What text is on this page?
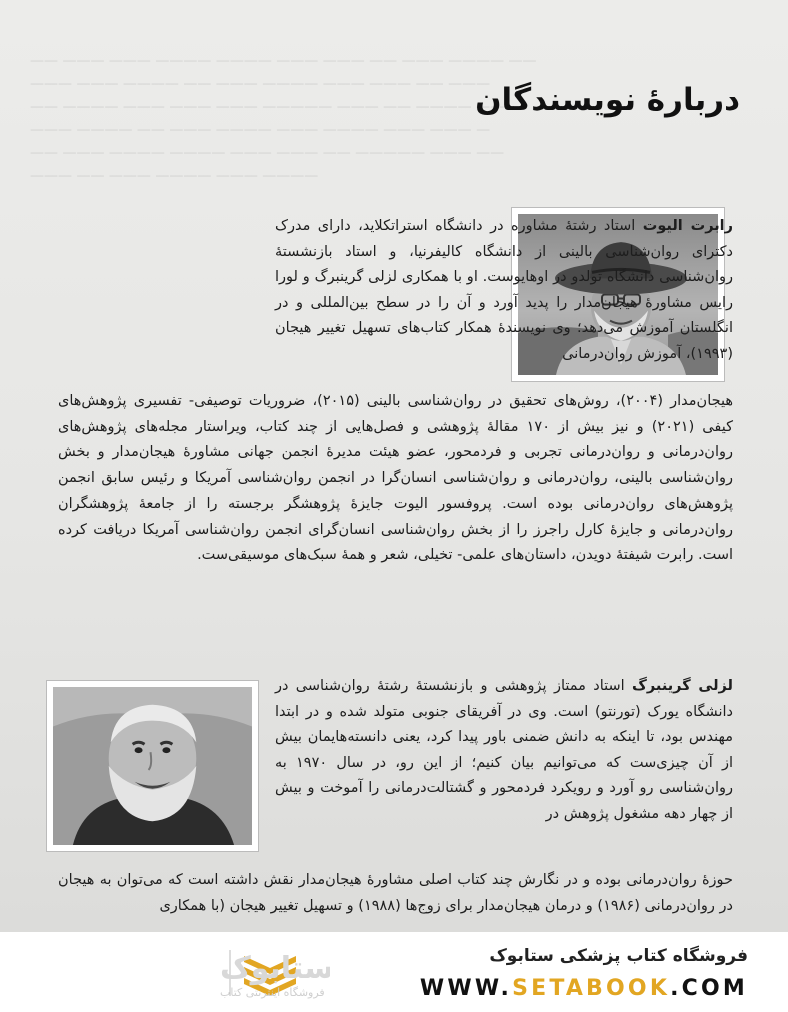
—— ——— ——— ———— ———— ——— ——— —— ——— ———— ——
——— ——— ———— —— ——— ———— ——— ——— —— ———
—— ———— ——— ——— ——— ————— ——— —— ———— ——
——— ———— —— ——— ———— ——— ———— ——— ——— —
—— ——— ———— ———— ——— ——— —— ————— ——— ——
——— —— ——— ———— ——— ————
دربارهٔ نویسندگان

رابرت الیوت استاد رشتهٔ مشاوره در دانشگاه استراتکلاید، دارای مدرک دکترای روان‌شناسی بالینی از دانشگاه کالیفرنیا، و استاد بازنشستهٔ روان‌شناسی دانشگاه تولدو در اوهایوست. او با همکاری لزلی گرینبرگ و لورا رایس مشاورهٔ هیجان‌مدار را پدید آورد و آن را در سطح بین‌المللی و در انگلستان آموزش می‌دهد؛ وی نویسندهٔ همکار کتاب‌های تسهیل تغییر هیجان (۱۹۹۳)، آموزش روان‌درمانی

هیجان‌مدار (۲۰۰۴)، روش‌های تحقیق در روان‌شناسی بالینی (۲۰۱۵)، ضروریات توصیفی- تفسیری پژوهش‌های کیفی (۲۰۲۱) و نیز بیش از ۱۷۰ مقالهٔ پژوهشی و فصل‌هایی از چند کتاب، ویراستار مجله‌های پژوهش‌های روان‌درمانی و روان‌درمانی تجربی و فردمحور، عضو هیئت مدیرهٔ انجمن جهانی مشاورهٔ هیجان‌مدار و بخش روان‌شناسی بالینی، روان‌درمانی و روان‌شناسی انسان‌گرا در انجمن روان‌شناسی آمریکا و رئیس سابق انجمن پژوهش‌های روان‌درمانی بوده است. پروفسور الیوت جایزهٔ پژوهشگر برجسته را از جامعهٔ پژوهشگران روان‌درمانی و جایزهٔ کارل راجرز را از بخش روان‌شناسی انسان‌گرای انجمن روان‌شناسی آمریکا دریافت کرده است. رابرت شیفتهٔ دویدن، داستان‌های علمی- تخیلی، شعر و همهٔ سبک‌های موسیقی‌ست.

لزلی گرینبرگ استاد ممتاز پژوهشی و بازنشستهٔ رشتهٔ روان‌شناسی در دانشگاه یورک (تورنتو) است. وی در آفریقای جنوبی متولد شده و در ابتدا مهندس بود، تا اینکه به دانش ضمنی باور پیدا کرد، یعنی دانسته‌هایمان بیش از آن چیزی‌ست که می‌توانیم بیان کنیم؛ از این رو، در سال ۱۹۷۰ به روان‌شناسی رو آورد و رویکرد فردمحور و گشتالت‌درمانی را آموخت و بیش از چهار دهه مشغول پژوهش در

حوزهٔ روان‌درمانی بوده و در نگارش چند کتاب اصلی مشاورهٔ هیجان‌مدار نقش داشته است که می‌توان به هیجان در روان‌درمانی (۱۹۸۶) و درمان هیجان‌مدار برای زوج‌ها (۱۹۸۸) و تسهیل تغییر هیجان (با همکاری

ستابوک
فروشگاه اینترنتی کتاب
فروشگاه کتاب پزشکی ستابوک
WWW.SETABOOK.COM
